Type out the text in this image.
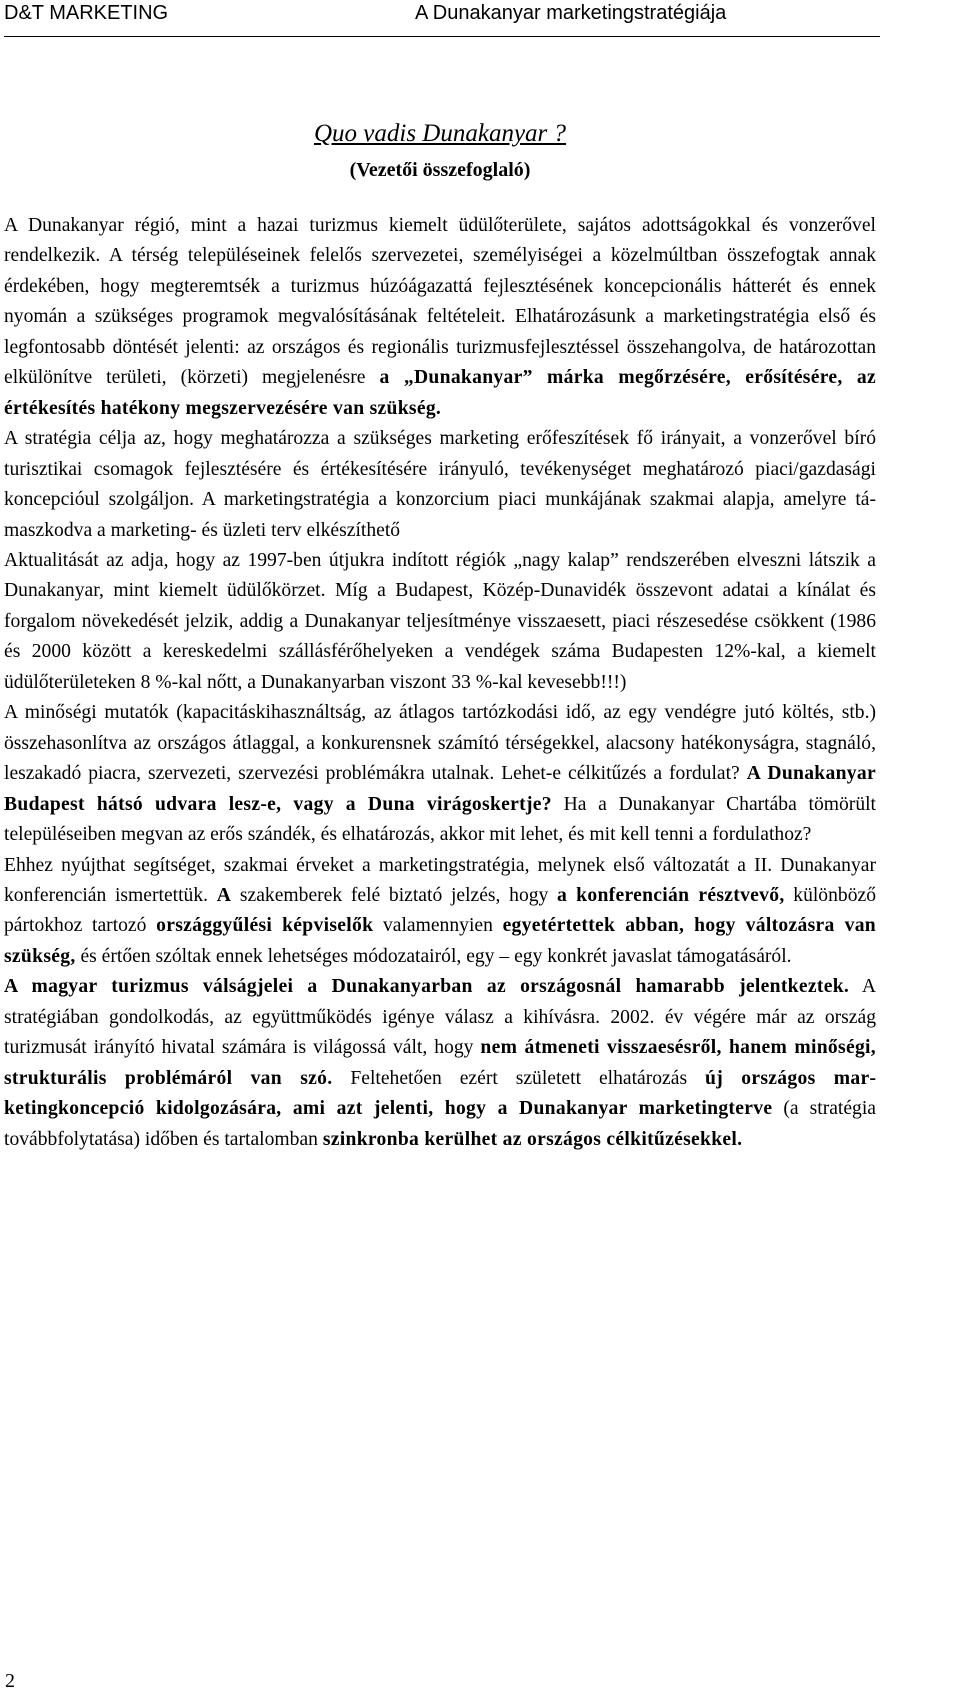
D&T MARKETING	A Dunakanyar marketingstratégiája
Quo vadis Dunakanyar ?
(Vezetői összefoglaló)

A Dunakanyar régió, mint a hazai turizmus kiemelt üdülőterülete, sajátos adottságokkal és vonzerővel rendelkezik. A térség településeinek felelős szervezetei, személyiségei a közelmúltban összefogtak annak érdekében, hogy megteremtsék a turizmus húzóágazattá fejlesztésének koncepcionális hátterét és ennek nyomán a szükséges programok megvalósításának feltételeit. Elhatározásunk a marketingstratégia első és legfontosabb döntését jelenti: az országos és regionális turizmusfejlesztéssel összehangolva, de határozottan elkülönítve területi, (körzeti) megjelenésre a „Dunakanyar” márka megőrzésére, erősítésére, az értékesítés hatékony megszervezésére van szükség.

A stratégia célja az, hogy meghatározza a szükséges marketing erőfeszítések fő irányait, a vonzerővel bíró turisztikai csomagok fejlesztésére és értékesítésére irányuló, tevékenységet meghatározó piaci/gazdasági koncepcióul szolgáljon. A marketingstratégia a konzorcium piaci munkájának szakmai alapja, amelyre támaszkodva a marketing- és üzleti terv elkészíthető

Aktualitását az adja, hogy az 1997-ben útjukra indított régiók „nagy kalap” rendszerében elveszni látszik a Dunakanyar, mint kiemelt üdülőkörzet. Míg a Budapest, Közép-Dunavidék összevont adatai a kínálat és forgalom növekedését jelzik, addig a Dunakanyar teljesítménye visszaesett, piaci részesedése csökkent (1986 és 2000 között a kereskedelmi szállásférőhelyeken a vendégek száma Budapesten 12%-kal, a kiemelt üdülőterületeken 8 %-kal nőtt, a Dunakanyarban viszont 33 %-kal kevesebb!!!)

A minőségi mutatók (kapacitáskihasználtság, az átlagos tartózkodási idő, az egy vendégre jutó költés, stb.) összehasonlítva az országos átlaggal, a konkurensnek számító térségekkel, alacsony hatékonyságra, stagnáló, leszakadó piacra, szervezeti, szervezési problémákra utalnak. Lehet-e célkitűzés a fordulat? A Dunakanyar Budapest hátsó udvara lesz-e, vagy a Duna virágoskertje? Ha a Dunakanyar Chartába tömörült településeiben megvan az erős szándék, és elhatározás, akkor mit lehet, és mit kell tenni a fordulathoz?

Ehhez nyújthat segítséget, szakmai érveket a marketingstratégia, melynek első változatát a II. Dunakanyar konferencián ismertettük. A szakemberek felé biztató jelzés, hogy a konferencián résztvevő, különböző pártokhoz tartozó országgyűlési képviselők valamennyien egyetértettek abban, hogy változásra van szükség, és értően szóltak ennek lehetséges módozatairól, egy – egy konkrét javaslat támogatásáról.

A magyar turizmus válságjelei a Dunakanyarban az országosnál hamarabb jelentkeztek. A stratégiában gondolkodás, az együttműködés igénye válasz a kihívásra. 2002. év végére már az ország turizmusát irányító hivatal számára is világossá vált, hogy nem átmeneti visszaesésről, hanem minőségi, strukturális problémáról van szó. Feltehetően ezért született elhatározás új országos marketingkoncepció kidolgozására, ami azt jelenti, hogy a Dunakanyar marketingterve (a stratégia továbbfolytatása) időben és tartalomban szinkronba kerülhet az országos célkitűzésekkel.

2
